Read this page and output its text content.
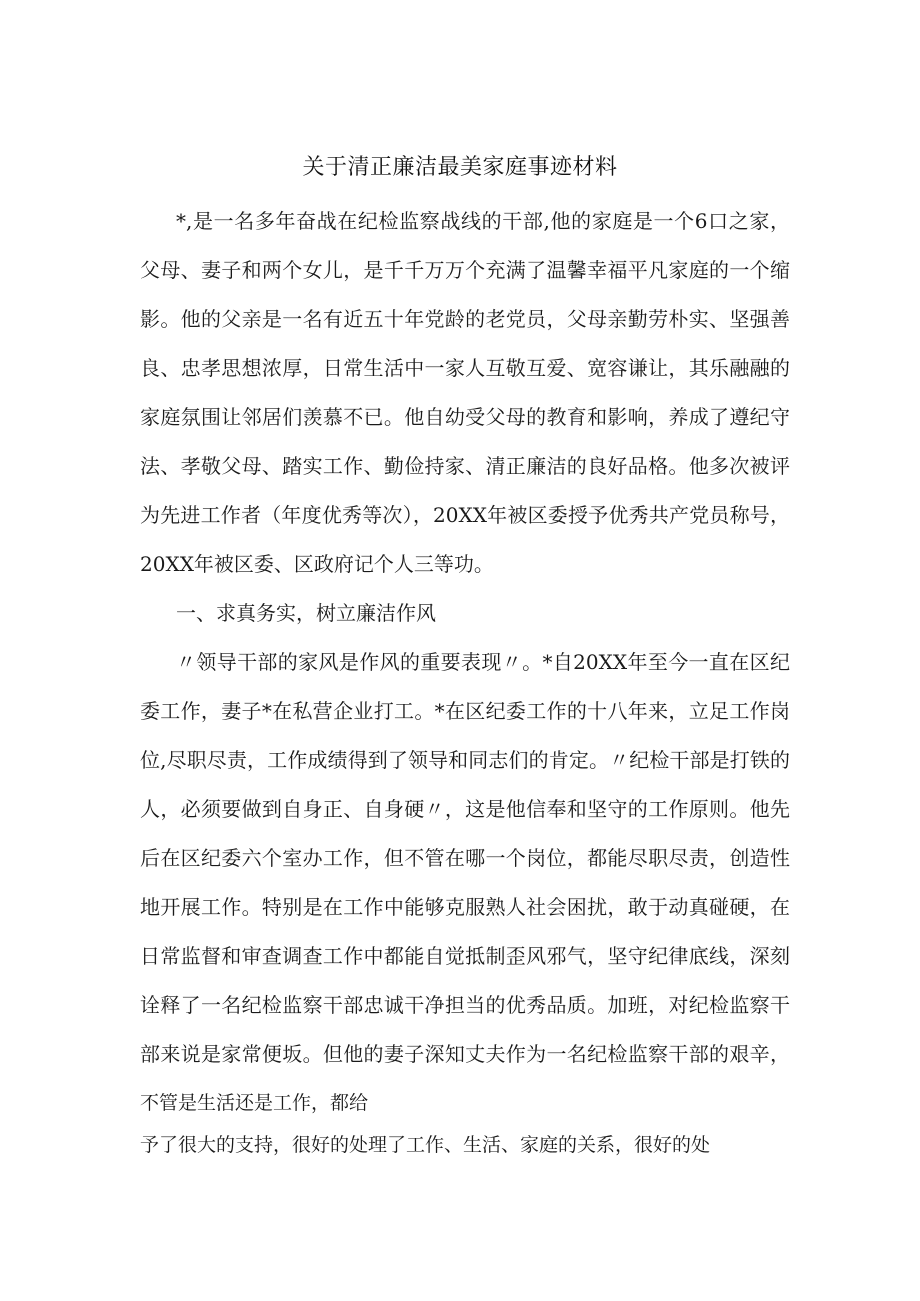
关于清正廉洁最美家庭事迹材料
*,是一名多年奋战在纪检监察战线的干部,他的家庭是一个6口之家，
父母、妻子和两个女儿，是千千万万个充满了温馨幸福平凡家庭的一个缩
影。他的父亲是一名有近五十年党龄的老党员，父母亲勤劳朴实、坚强善
良、忠孝思想浓厚，日常生活中一家人互敬互爱、宽容谦让，其乐融融的
家庭氛围让邻居们羡慕不已。他自幼受父母的教育和影响，养成了遵纪守
法、孝敬父母、踏实工作、勤俭持家、清正廉洁的良好品格。他多次被评
为先进工作者（年度优秀等次），20XX年被区委授予优秀共产党员称号，
20XX年被区委、区政府记个人三等功。
一、求真务实，树立廉洁作风
〃领导干部的家风是作风的重要表现〃。*自20XX年至今一直在区纪
委工作，妻子*在私营企业打工。*在区纪委工作的十八年来，立足工作岗
位,尽职尽责，工作成绩得到了领导和同志们的肯定。〃纪检干部是打铁的
人，必须要做到自身正、自身硬〃，这是他信奉和坚守的工作原则。他先
后在区纪委六个室办工作，但不管在哪一个岗位，都能尽职尽责，创造性
地开展工作。特别是在工作中能够克服熟人社会困扰，敢于动真碰硬，在
日常监督和审查调查工作中都能自觉抵制歪风邪气，坚守纪律底线，深刻
诠释了一名纪检监察干部忠诚干净担当的优秀品质。加班，对纪检监察干
部来说是家常便坂。但他的妻子深知丈夫作为一名纪检监察干部的艰辛，
不管是生活还是工作，都给
予了很大的支持，很好的处理了工作、生活、家庭的关系，很好的处
